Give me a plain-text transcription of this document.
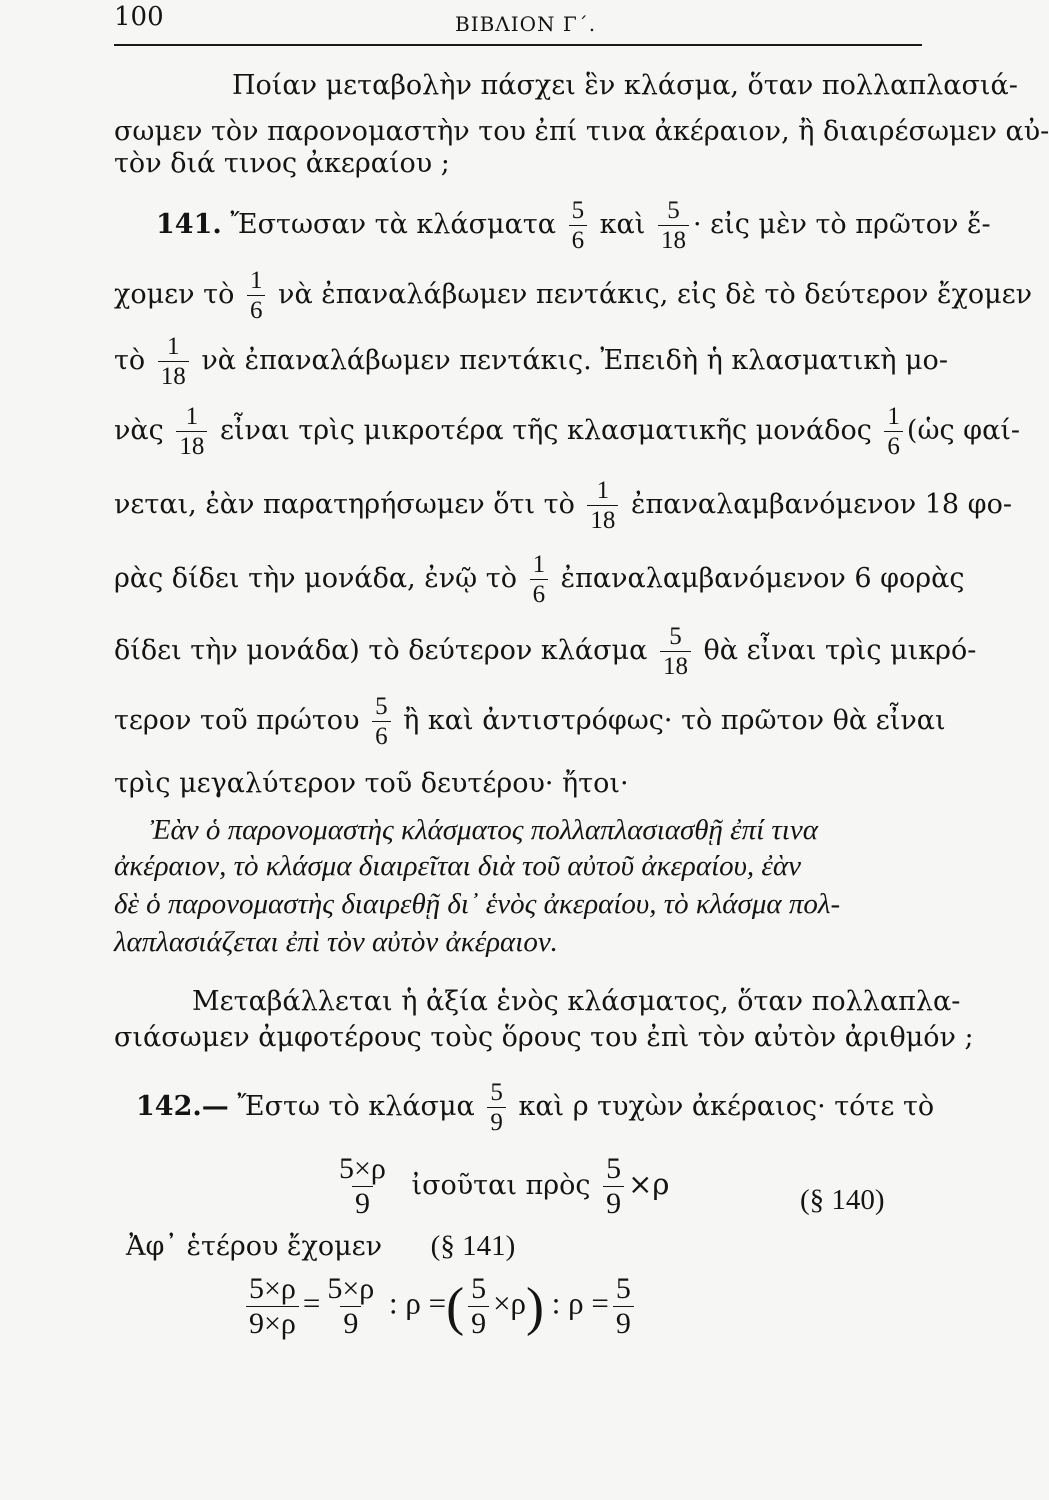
100	ΒΙΒΛΙΟΝ Γ΄.
Ποίαν μεταβολὴν πάσχει ἓν κλάσμα, ὅταν πολλαπλασιά-
σωμεν τὸν παρονομαστὴν του ἐπί τινα ἀκέραιον, ἢ διαιρέσωμεν αὐ-
τὸν διά τινος ἀκεραίου ;
141. Ἔστωσαν τὰ κλάσματα $\frac{5}{6}$ καὶ $\frac{5}{18}$ · εἰς μὲν τὸ πρῶτον ἔ-
χομεν τὸ $\frac{1}{6}$ νὰ ἐπαναλάβωμεν πεντάκις, εἰς δὲ τὸ δεύτερον ἔχομεν
τὸ $\frac{1}{18}$ νὰ ἐπαναλάβωμεν πεντάκις. Ἐπειδὴ ἡ κλασματικὴ μο-
νὰς $\frac{1}{18}$ εἶναι τρὶς μικροτέρα τῆς κλασματικῆς μονάδος $\frac{1}{6}$ (ὡς φαί-
νεται, ἐὰν παρατηρήσωμεν ὅτι τὸ $\frac{1}{18}$ ἐπαναλαμβανόμενον 18 φο-
ρὰς δίδει τὴν μονάδα, ἐνῷ τὸ $\frac{1}{6}$ ἐπαναλαμβανόμενον 6 φορὰς
δίδει τὴν μονάδα) τὸ δεύτερον κλάσμα $\frac{5}{18}$ θὰ εἶναι τρὶς μικρό-
τερον τοῦ πρώτου $\frac{5}{6}$ ἢ καὶ ἀντιστρόφως· τὸ πρῶτον θὰ εἶναι
τρὶς μεγαλύτερον τοῦ δευτέρου· ἤτοι·
Ἐὰν ὁ παρονομαστὴς κλάσματος πολλαπλασιασθῇ ἐπί τινα
ἀκέραιον, τὸ κλάσμα διαιρεῖται διὰ τοῦ αὐτοῦ ἀκεραίου, ἐὰν
δὲ ὁ παρονομαστὴς διαιρεθῇ δι᾽ ἑνὸς ἀκεραίου, τὸ κλάσμα πολ-
λαπλασιάζεται ἐπὶ τὸν αὐτὸν ἀκέραιον.
Μεταβάλλεται ἡ ἀξία ἑνὸς κλάσματος, ὅταν πολλαπλα-
σιάσωμεν ἀμφοτέρους τοὺς ὅρους του ἐπὶ τὸν αὐτὸν ἀριθμόν ;
142.— Ἔστω τὸ κλάσμα $\frac{5}{9}$ καὶ ρ τυχὼν ἀκέραιος· τότε τὸ
$\frac{5\times\rho}{9}$ ἰσοῦται πρὸς $\frac{5}{9} \times\rho$	(§ 140)
Ἀφ᾽ ἑτέρου ἔχομεν (§ 141)
$\frac{5\times\rho}{9\times\rho} = \frac{5\times\rho}{9}$ : ρ =( $\frac{5}{9} \times\rho$) : $\rho = \frac{5}{9}$
